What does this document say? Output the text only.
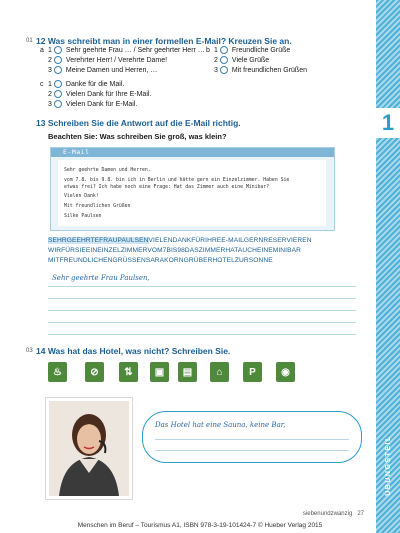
1
ÜBUNGSTEIL
01 12 Was schreibt man in einer formellen E-Mail? Kreuzen Sie an.
a 1 Sehr geehrte Frau … / Sehr geehrter Herr …
2 Verehrter Herr! / Verehrte Dame!
3 Meine Damen und Herren, …
b 1 Freundliche Grüße
2 Viele Grüße
3 Mit freundlichen Grüßen
c 1 Danke für die Mail.
2 Vielen Dank für Ihre E-Mail.
3 Vielen Dank für E-Mail.
13 Schreiben Sie die Antwort auf die E-Mail richtig.
Beachten Sie: Was schreiben Sie groß, was klein?
E-Mail
Sehr geehrte Damen und Herren,
vom 7.8. bis 9.8. bin ich in Berlin und hätte gern ein Einzelzimmer. Haben Sie
etwas frei? Ich habe noch eine Frage: Hat das Zimmer auch eine Minibar?
Vielen Dank!
Mit freundlichen Grüßen
Silke Paulsen
SEHRGEEHRTEFRAUPAULSENVIELENDANKFÜRIHREE-MAILGERNRESERVIEREN
WIRFÜRSIEEINEINZELZIMMERVOM7BIS98DASZIMMERHATAUCHEINEMINIBAR
MITFREUNDLICHENGRÜSSENSARAKORNGRÜBERHOTELZURSONNE
Sehr geehrte Frau Paulsen,
03 14 Was hat das Hotel, was nicht? Schreiben Sie.
♨	⊘	⇅	▣	▤	⌂	P	◉
Das Hotel hat eine Sauna, keine Bar,
siebenundzwanzig 27
Menschen im Beruf – Tourismus A1, ISBN 978-3-19-101424-7 © Hueber Verlag 2015
